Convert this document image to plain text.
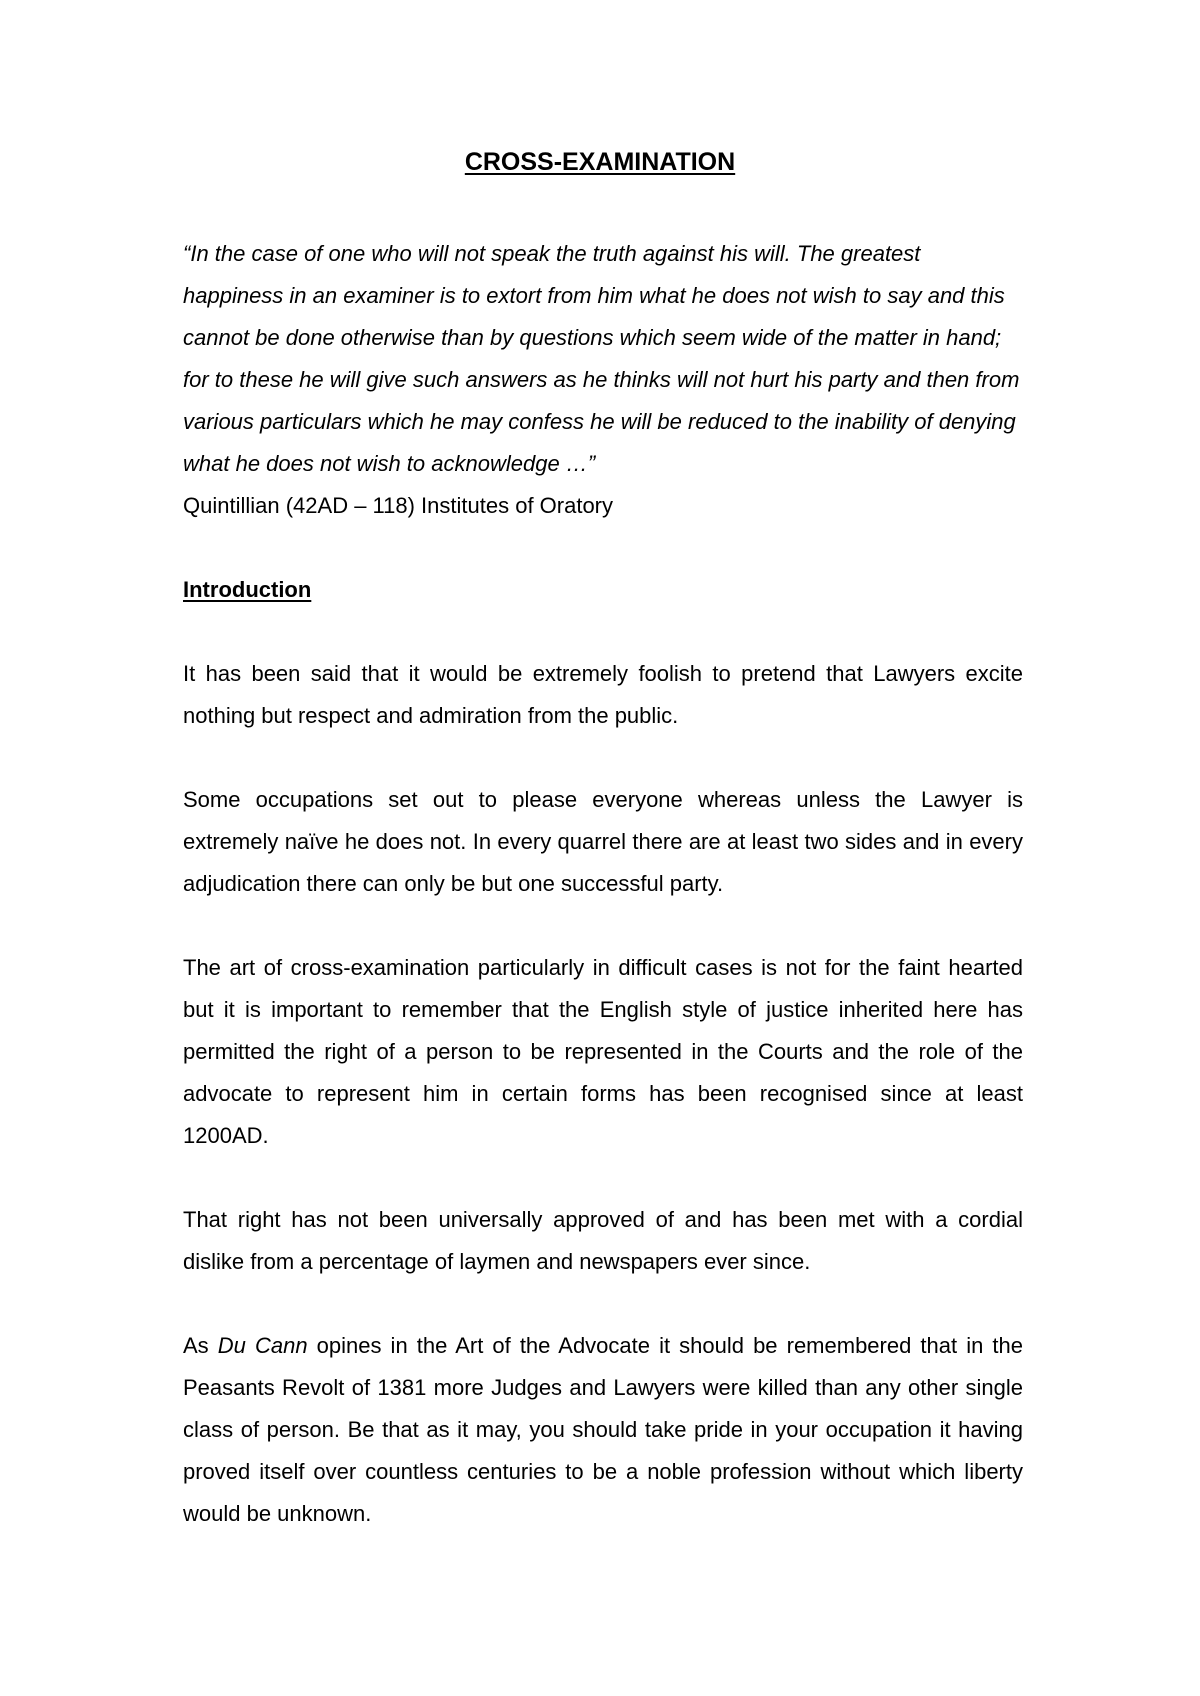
CROSS-EXAMINATION

“In the case of one who will not speak the truth against his will. The greatest happiness in an examiner is to extort from him what he does not wish to say and this cannot be done otherwise than by questions which seem wide of the matter in hand; for to these he will give such answers as he thinks will not hurt his party and then from various particulars which he may confess he will be reduced to the inability of denying what he does not wish to acknowledge …”

Quintillian (42AD – 118) Institutes of Oratory

Introduction

It has been said that it would be extremely foolish to pretend that Lawyers excite nothing but respect and admiration from the public.

Some occupations set out to please everyone whereas unless the Lawyer is extremely naïve he does not. In every quarrel there are at least two sides and in every adjudication there can only be but one successful party.

The art of cross-examination particularly in difficult cases is not for the faint hearted but it is important to remember that the English style of justice inherited here has permitted the right of a person to be represented in the Courts and the role of the advocate to represent him in certain forms has been recognised since at least 1200AD.

That right has not been universally approved of and has been met with a cordial dislike from a percentage of laymen and newspapers ever since.

As Du Cann opines in the Art of the Advocate it should be remembered that in the Peasants Revolt of 1381 more Judges and Lawyers were killed than any other single class of person. Be that as it may, you should take pride in your occupation it having proved itself over countless centuries to be a noble profession without which liberty would be unknown.
